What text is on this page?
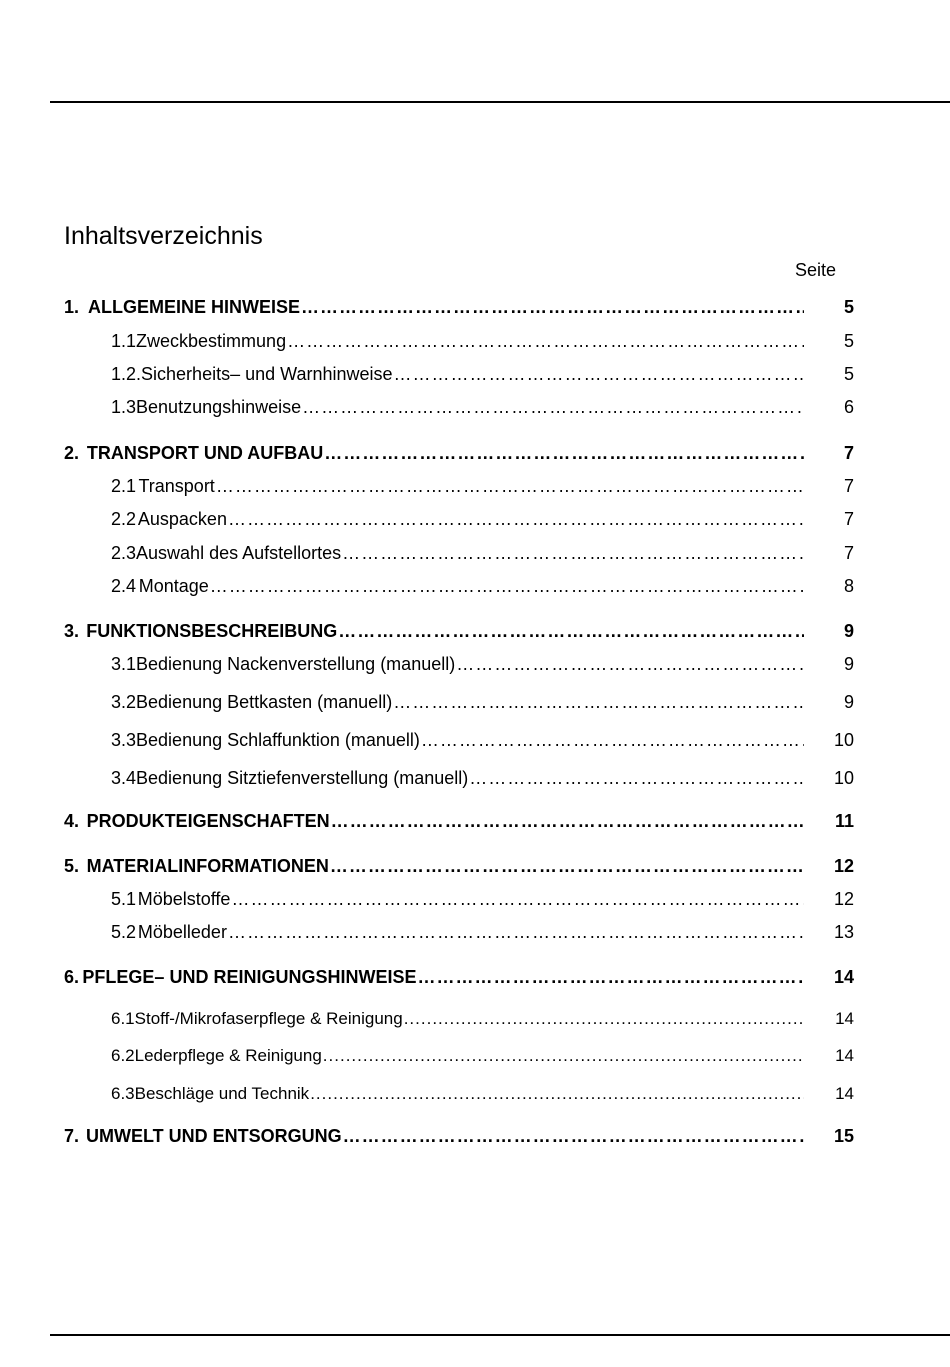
Inhaltsverzeichnis
Seite
1. ALLGEMEINE HINWEISE ……………………………………………………………………………………………………………………………………………	5
1.1 Zweckbestimmung ……………………………………………………………………………………………………………………………………………	5
1.2. Sicherheits– und Warnhinweise ……………………………………………………………………………………………………………………………………………	5
1.3 Benutzungshinweise ……………………………………………………………………………………………………………………………………………	6
2. TRANSPORT UND AUFBAU ……………………………………………………………………………………………………………………………………………	7
2.1 Transport ……………………………………………………………………………………………………………………………………………	7
2.2 Auspacken ……………………………………………………………………………………………………………………………………………	7
2.3 Auswahl des Aufstellortes ……………………………………………………………………………………………………………………………………………	7
2.4 Montage ……………………………………………………………………………………………………………………………………………	8
3. FUNKTIONSBESCHREIBUNG ……………………………………………………………………………………………………………………………………………	9
3.1 Bedienung Nackenverstellung (manuell) ……………………………………………………………………………………………………………………………………………	9
3.2 Bedienung Bettkasten (manuell) ……………………………………………………………………………………………………………………………………………	9
3.3 Bedienung Schlaffunktion (manuell) ……………………………………………………………………………………………………………………………………………	10
3.4 Bedienung Sitztiefenverstellung (manuell) ……………………………………………………………………………………………………………………………………………	10
4. PRODUKTEIGENSCHAFTEN ……………………………………………………………………………………………………………………………………………	11
5. MATERIALINFORMATIONEN ……………………………………………………………………………………………………………………………………………	12
5.1 Möbelstoffe ……………………………………………………………………………………………………………………………………………	12
5.2 Möbelleder ……………………………………………………………………………………………………………………………………………	13
6. PFLEGE– UND REINIGUNGSHINWEISE ……………………………………………………………………………………………………………………………………………	14
6.1 Stoff-/Mikrofaserpflege & Reinigung .....	14
6.2 Lederpflege & Reinigung .....	14
6.3 Beschläge und Technik .....	14
7. UMWELT UND ENTSORGUNG ……………………………………………………………………………………………………………………………………………	15
